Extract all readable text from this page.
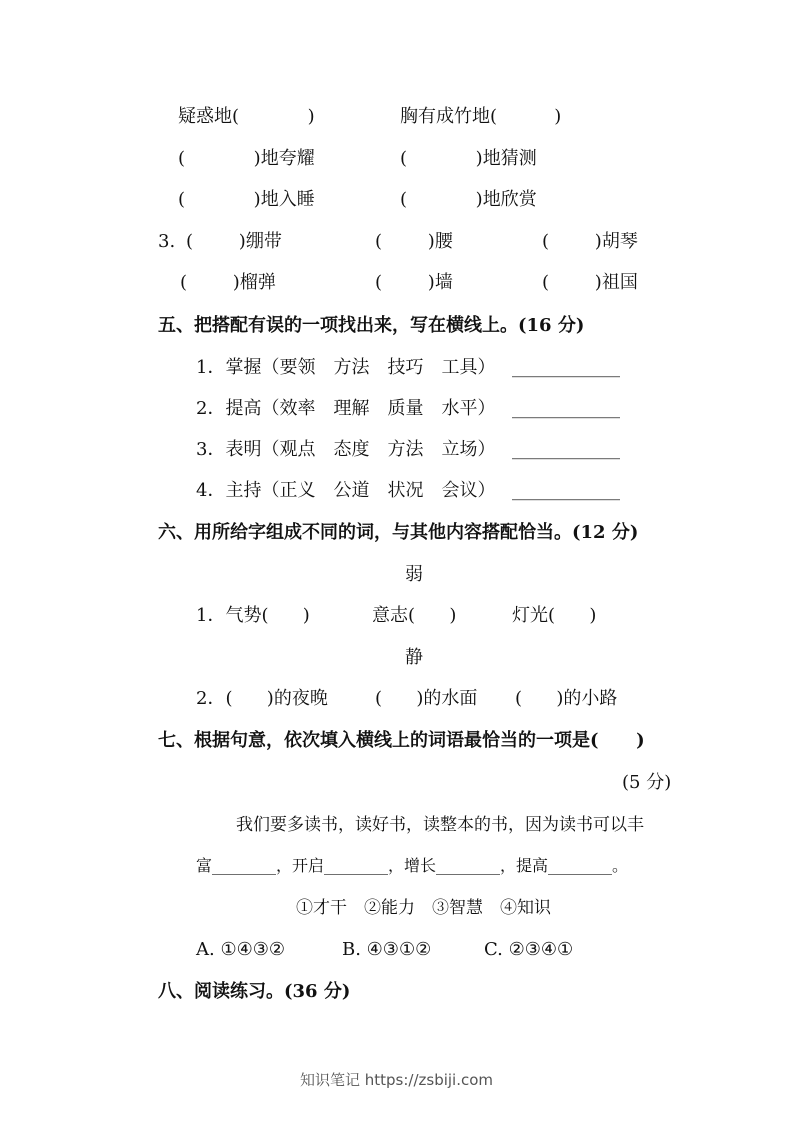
疑惑地(            )	胸有成竹地(          )
(            )地夸耀	(            )地猜测
(            )地入睡	(            )地欣赏
3. (        )绷带	(        )腰	(        )胡琴
(        )榴弹	(        )墙	(        )祖国
五、把搭配有误的一项找出来，写在横线上。(16 分)
1．掌握（要领　方法　技巧　工具） ____________
2．提高（效率　理解　质量　水平） ____________
3．表明（观点　态度　方法　立场） ____________
4．主持（正义　公道　状况　会议） ____________
六、用所给字组成不同的词，与其他内容搭配恰当。(12 分)
弱
1．气势(      )	意志(      )	灯光(      )
静
2．(      )的夜晚	(      )的水面 (      )的小路
七、根据句意，依次填入横线上的词语最恰当的一项是(      )
(5 分)
我们要多读书，读好书，读整本的书，因为读书可以丰
富________，开启________，增长________，提高________。
①才干　②能力　③智慧　④知识
A. ①④③②	B. ④③①②	C. ②③④①
八、阅读练习。(36 分)
知识笔记 https://zsbiji.com
